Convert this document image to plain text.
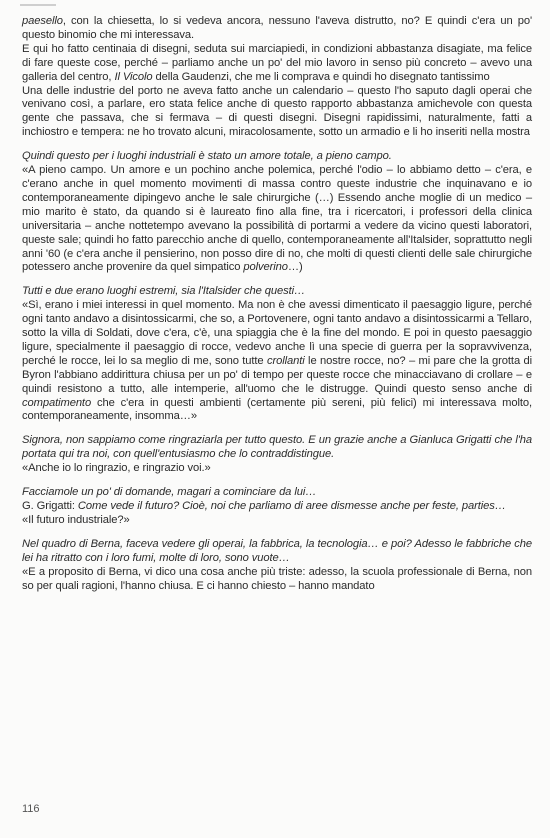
paesello, con la chiesetta, lo si vedeva ancora, nessuno l'aveva distrutto, no? E quindi c'era un po' questo binomio che mi interessava.

E qui ho fatto centinaia di disegni, seduta sui marciapiedi, in condizioni abbastanza disagiate, ma felice di fare queste cose, perché – parliamo anche un po' del mio lavoro in senso più concreto – avevo una galleria del centro, Il Vicolo della Gaudenzi, che me li comprava e quindi ho disegnato tantissimo

Una delle industrie del porto ne aveva fatto anche un calendario – questo l'ho saputo dagli operai che venivano così, a parlare, ero stata felice anche di questo rapporto abbastanza amichevole con questa gente che passava, che si fermava – di questi disegni. Disegni rapidissimi, naturalmente, fatti a inchiostro e tempera: ne ho trovato alcuni, miracolosamente, sotto un armadio e li ho inseriti nella mostra

Quindi questo per i luoghi industriali è stato un amore totale, a pieno campo.

«A pieno campo. Un amore e un pochino anche polemica, perché l'odio – lo abbiamo detto – c'era, e c'erano anche in quel momento movimenti di massa contro queste industrie che inquinavano e io contemporaneamente dipingevo anche le sale chirurgiche (…) Essendo anche moglie di un medico – mio marito è stato, da quando si è laureato fino alla fine, tra i ricercatori, i professori della clinica universitaria – anche nottetempo avevano la possibilità di portarmi a vedere da vicino questi laboratori, queste sale; quindi ho fatto parecchio anche di quello, contemporaneamente all'Italsider, soprattutto negli anni '60 (e c'era anche il pensierino, non posso dire di no, che molti di questi clienti delle sale chirurgiche potessero anche provenire da quel simpatico polverino…)

Tutti e due erano luoghi estremi, sia l'Italsider che questi…

«Sì, erano i miei interessi in quel momento. Ma non è che avessi dimenticato il paesaggio ligure, perché ogni tanto andavo a disintossicarmi, che so, a Portovenere, ogni tanto andavo a disintossicarmi a Tellaro, sotto la villa di Soldati, dove c'era, c'è, una spiaggia che è la fine del mondo. E poi in questo paesaggio ligure, specialmente il paesaggio di rocce, vedevo anche lì una specie di guerra per la sopravvivenza, perché le rocce, lei lo sa meglio di me, sono tutte crollanti le nostre rocce, no? – mi pare che la grotta di Byron l'abbiano addirittura chiusa per un po' di tempo per queste rocce che minacciavano di crollare – e quindi resistono a tutto, alle intemperie, all'uomo che le distrugge. Quindi questo senso anche di compatimento che c'era in questi ambienti (certamente più sereni, più felici) mi interessava molto, contemporaneamente, insomma…»

Signora, non sappiamo come ringraziarla per tutto questo. E un grazie anche a Gianluca Grigatti che l'ha portata qui tra noi, con quell'entusiasmo che lo contraddistingue.

«Anche io lo ringrazio, e ringrazio voi.»

Facciamole un po' di domande, magari a cominciare da lui…

G. Grigatti: Come vede il futuro? Cioè, noi che parliamo di aree dismesse anche per feste, parties…

«Il futuro industriale?»

Nel quadro di Berna, faceva vedere gli operai, la fabbrica, la tecnologia… e poi? Adesso le fabbriche che lei ha ritratto con i loro fumi, molte di loro, sono vuote…

«E a proposito di Berna, vi dico una cosa anche più triste: adesso, la scuola professionale di Berna, non so per quali ragioni, l'hanno chiusa. E ci hanno chiesto – hanno mandato

116
